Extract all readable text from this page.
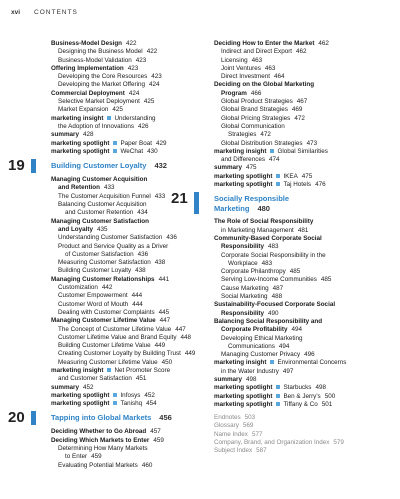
xvi CONTENTS
Business-Model Design 422
Designing the Business Model 422
Business-Model Validation 423
Offering Implementation 423
Developing the Core Resources 423
Developing the Market Offering 424
Commercial Deployment 424
Selective Market Deployment 425
Market Expansion 425
marketing insight Understanding
the Adoption of Innovations 426
summary 428
marketing spotlight Paper Boat 429
marketing spotlight WeChat 430
19	Building Customer Loyalty 432
Managing Customer Acquisition
and Retention 433
The Customer Acquisition Funnel 433
Balancing Customer Acquisition
and Customer Retention 434
Managing Customer Satisfaction
and Loyalty 435
Understanding Customer Satisfaction 436
Product and Service Quality as a Driver
of Customer Satisfaction 436
Measuring Customer Satisfaction 438
Building Customer Loyalty 438
Managing Customer Relationships 441
Customization 442
Customer Empowerment 444
Customer Word of Mouth 444
Dealing with Customer Complaints 445
Managing Customer Lifetime Value 447
The Concept of Customer Lifetime Value 447
Customer Lifetime Value and Brand Equity 448
Building Customer Lifetime Value 449
Creating Customer Loyalty by Building Trust 449
Measuring Customer Lifetime Value 450
marketing insight Net Promoter Score
and Customer Satisfaction 451
summary 452
marketing spotlight Infosys 452
marketing spotlight Tanishq 454
20	Tapping into Global Markets 456
Deciding Whether to Go Abroad 457
Deciding Which Markets to Enter 459
Determining How Many Markets
to Enter 459
Evaluating Potential Markets 460
Deciding How to Enter the Market 462
Indirect and Direct Export 462
Licensing 463
Joint Ventures 463
Direct Investment 464
Deciding on the Global Marketing
Program 466
Global Product Strategies 467
Global Brand Strategies 469
Global Pricing Strategies 472
Global Communication
Strategies 472
Global Distribution Strategies 473
marketing insight Global Similarities
and Differences 474
summary 475
marketing spotlight IKEA 475
marketing spotlight Taj Hotels 476
21	Socially Responsible Marketing 480
The Role of Social Responsibility
in Marketing Management 481
Community-Based Corporate Social
Responsibility 483
Corporate Social Responsibility in the
Workplace 483
Corporate Philanthropy 485
Serving Low-Income Communities 485
Cause Marketing 487
Social Marketing 488
Sustainability-Focused Corporate Social
Responsibility 490
Balancing Social Responsibility and
Corporate Profitability 494
Developing Ethical Marketing
Communications 494
Managing Customer Privacy 496
marketing insight Environmental Concerns
in the Water Industry 497
summary 498
marketing spotlight Starbucks 498
marketing spotlight Ben & Jerry's 500
marketing spotlight Tiffany & Co 501
Endnotes 503
Glossary 569
Name Index 577
Company, Brand, and Organization Index 579
Subject Index 587
